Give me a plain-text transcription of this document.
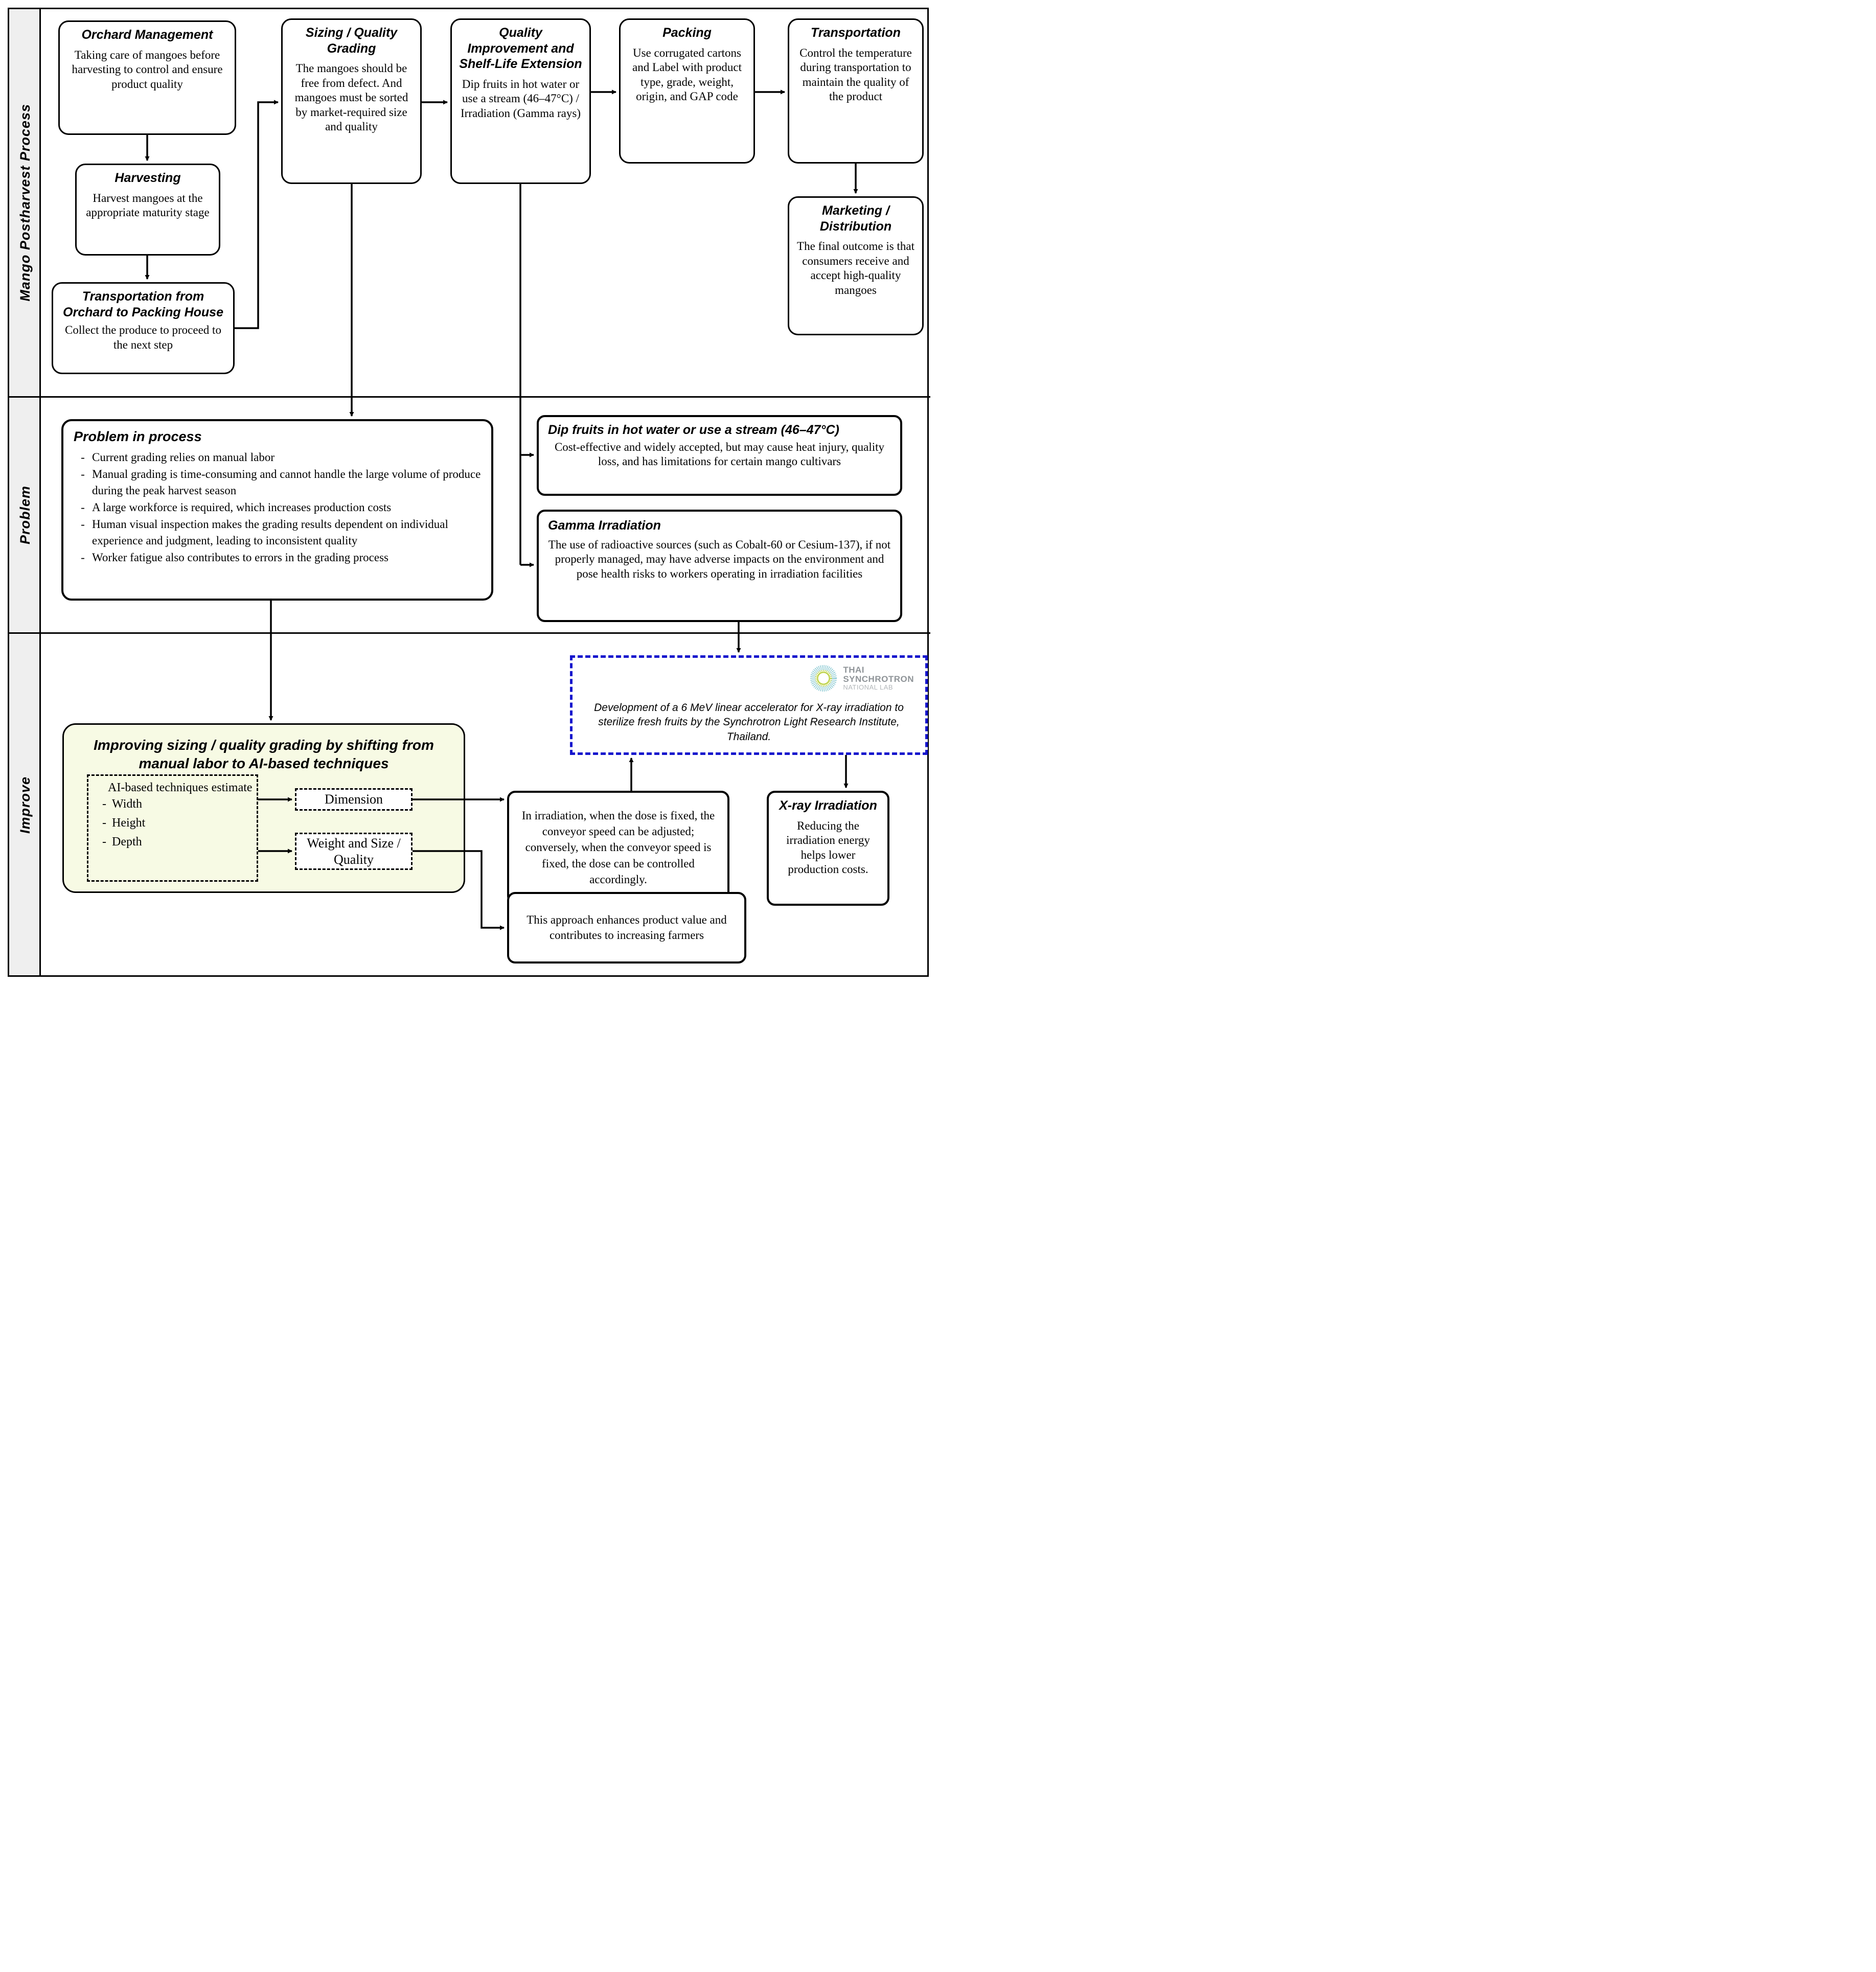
Mango Postharvest Process
Problem
Improve
Orchard Management
Taking care of mangoes before harvesting to control and ensure product quality
Harvesting
Harvest mangoes at the appropriate maturity stage
Transportation from Orchard to Packing House
Collect the produce to proceed to the next step
Sizing / Quality Grading
The mangoes should be free from defect. And mangoes must be sorted by market-required size and quality
Quality Improvement and Shelf-Life Extension
Dip fruits in hot water or use a stream (46–47°C) / Irradiation (Gamma rays)
Packing
Use corrugated cartons and Label with product type, grade, weight, origin, and GAP code
Transportation
Control the temperature during transportation to maintain the quality of the product
Marketing / Distribution
The final outcome is that consumers receive and accept high-quality mangoes
Problem in process
- Current grading relies on manual labor
- Manual grading is time-consuming and cannot handle the large volume of produce during the peak harvest season
- A large workforce is required, which increases production costs
- Human visual inspection makes the grading results dependent on individual experience and judgment, leading to inconsistent quality
- Worker fatigue also contributes to errors in the grading process
Dip fruits in hot water or use a stream (46–47°C)
Cost-effective and widely accepted, but may cause heat injury, quality loss, and has limitations for certain mango cultivars
Gamma Irradiation
The use of radioactive sources (such as Cobalt-60 or Cesium-137), if not properly managed, may have adverse impacts on the environment and pose health risks to workers operating in irradiation facilities
Improving sizing / quality grading by shifting from manual labor to AI-based techniques
AI-based techniques estimate
- Width
- Height
- Depth
Dimension
Weight and Size / Quality
THAI
SYNCHROTRON
NATIONAL LAB
Development of a 6 MeV linear accelerator for X-ray irradiation to sterilize fresh fruits by the Synchrotron Light Research Institute, Thailand.
In irradiation, when the dose is fixed, the conveyor speed can be adjusted; conversely, when the conveyor speed is fixed, the dose can be controlled accordingly.
X-ray Irradiation
Reducing the irradiation energy helps lower production costs.
This approach enhances product value and contributes to increasing farmers
